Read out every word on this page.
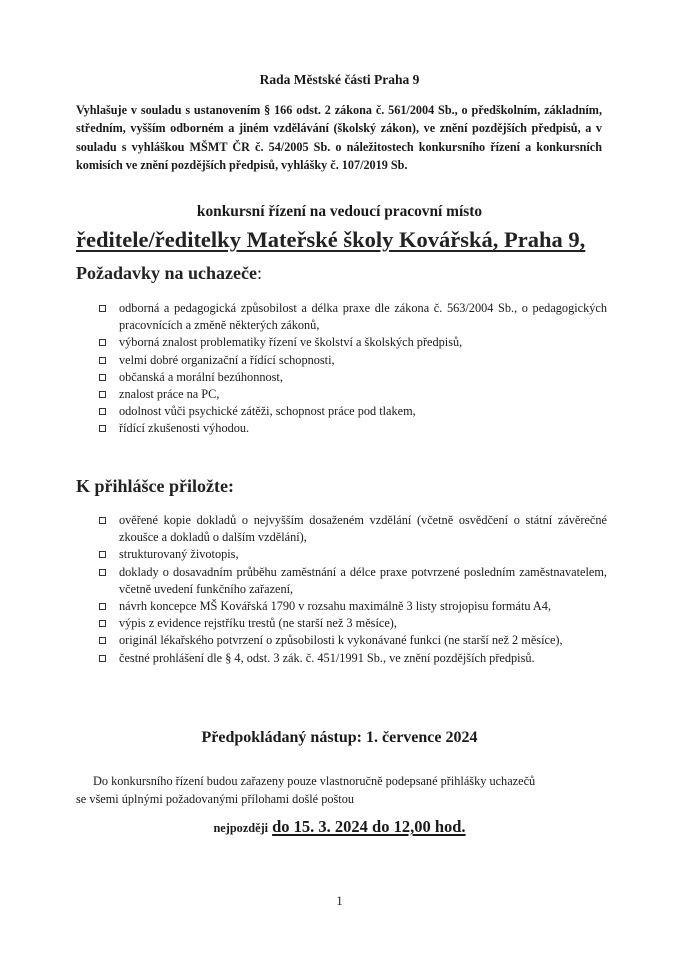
Rada Městské části Praha 9
Vyhlašuje v souladu s ustanovením § 166 odst. 2 zákona č. 561/2004 Sb., o předškolním, základním, středním, vyšším odborném a jiném vzdělávání (školský zákon), ve znění pozdějších předpisů, a v souladu s vyhláškou MŠMT ČR č. 54/2005 Sb. o náležitostech konkursního řízení a konkursních komisích ve znění pozdějších předpisů, vyhlášky č. 107/2019 Sb.
konkursní řízení na vedoucí pracovní místo
ředitele/ředitelky Mateřské školy Kovářská, Praha 9,
Požadavky na uchazeče:
odborná a pedagogická způsobilost a délka praxe dle zákona č. 563/2004 Sb., o pedagogických pracovnících a změně některých zákonů,
výborná znalost problematiky řízení ve školství a školských předpisů,
velmi dobré organizační a řídící schopnosti,
občanská a morální bezúhonnost,
znalost práce na PC,
odolnost vůči psychické zátěži, schopnost práce pod tlakem,
řídící zkušenosti výhodou.
K přihlášce přiložte:
ověřené kopie dokladů o nejvyšším dosaženém vzdělání (včetně osvědčení o státní závěrečné zkoušce a dokladů o dalším vzdělání),
strukturovaný životopis,
doklady o dosavadním průběhu zaměstnání a délce praxe potvrzené posledním zaměstnavatelem, včetně uvedení funkčního zařazení,
návrh koncepce MŠ Kovářská 1790 v rozsahu maximálně 3 listy strojopisu formátu A4,
výpis z evidence rejstříku trestů (ne starší než 3 měsíce),
originál lékařského potvrzení o způsobilosti k vykonávané funkci (ne starší než 2 měsíce),
čestné prohlášení dle § 4, odst. 3 zák. č. 451/1991 Sb., ve znění pozdějších předpisů.
Předpokládaný nástup: 1. července 2024
Do konkursního řízení budou zařazeny pouze vlastnoručně podepsané přihlášky uchazečů
se všemi úplnými požadovanými přílohami došlé poštou
nejpozději do 15. 3. 2024 do 12,00 hod.
1
